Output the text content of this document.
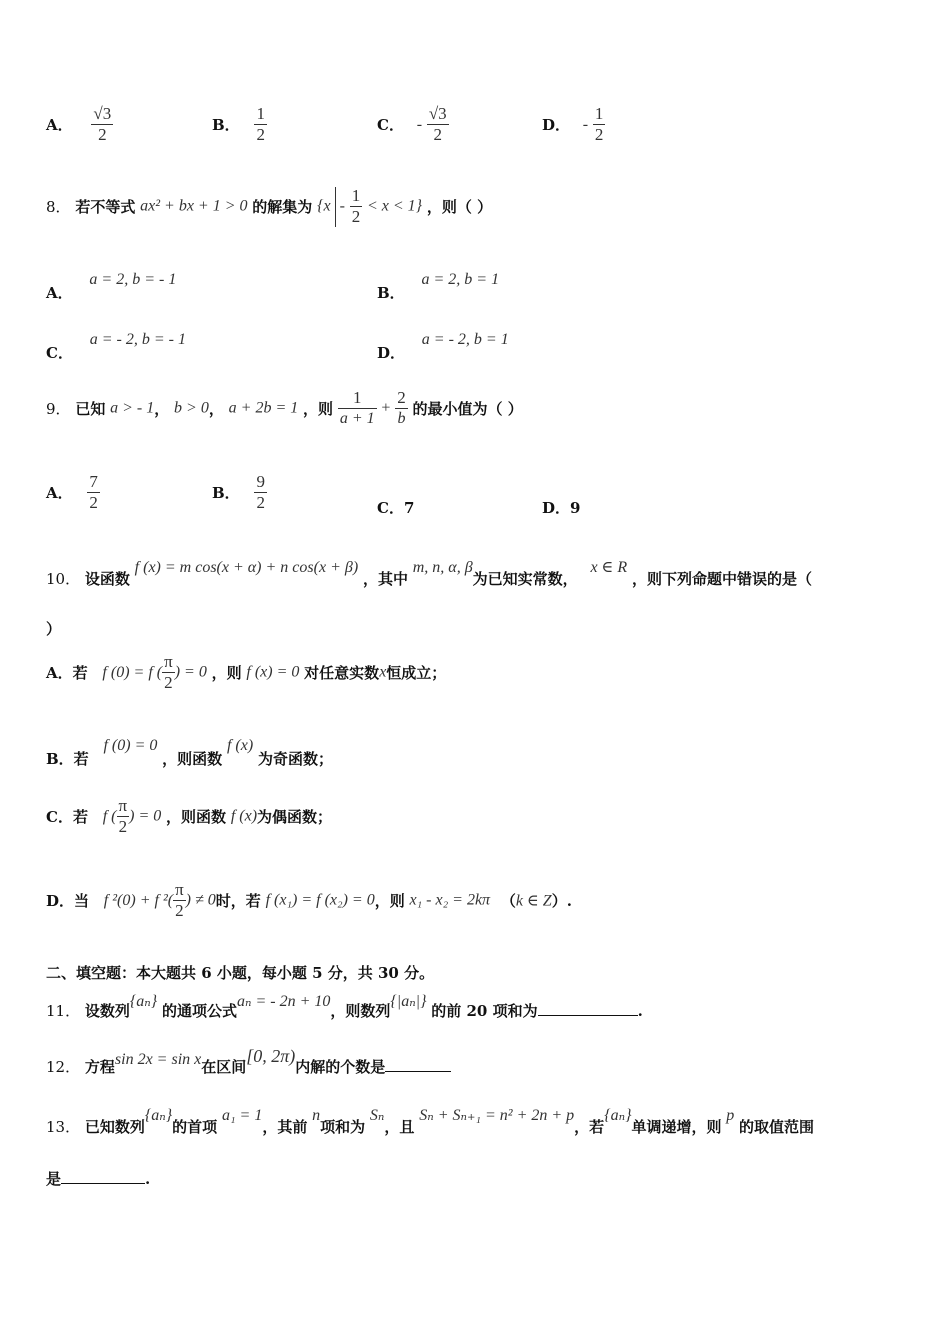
A． $\frac{√3}{2}$	B． $\frac{1}{2}$	C． - $\frac{√3}{2}$	D． - $\frac{1}{2}$
8． 若不等式 ax² + bx + 1 > 0 的解集为 $\{x - \frac{1}{2} < x < 1\}$ ，则（ ）
A． a = 2, b = - 1
B． a = 2, b = 1
C． a = - 2, b = - 1
D． a = - 2, b = 1
9． 已知 a > - 1， b > 0， a + 2b = 1 ，则 $\frac{1}{a + 1} + \frac{2}{b}$ 的最小值为（ ）
A． $\frac{7}{2}$	B． $\frac{9}{2}$	C．7	D．9
10． 设函数 f (x) = m cos(x + α) + n cos(x + β) ，其中 m, n, α, β为已知实常数， x ∈ R ，则下列命题中错误的是（
）
A．若 f (0) = f ( $\frac{\pi}{2}$ ) = 0 ，则 f (x) = 0 对任意实数x恒成立；
B．若 f (0) = 0 ，则函数 f (x) 为奇函数；
C．若 f ( $\frac{\pi}{2}$ ) = 0 ，则函数 f (x)为偶函数；
D．当 f ²(0) + f $^2( \frac{\pi}{2}$ ) ≠ 0时，若 f (x₁) = f (x₂) = 0，则 x₁ - x₂ = 2kπ （k ∈ Z）.
二、填空题：本大题共 6 小题，每小题 5 分，共 30 分。
11． 设数列{aₙ} 的通项公式aₙ = - 2n + 10，则数列{|aₙ|} 的前 20 项和为	.
12． 方程sin 2x = sin x在区间[0, 2π)内解的个数是
13． 已知数列{aₙ}的首项 a₁ = 1，其前 n项和为 Sₙ，且 Sₙ + Sₙ₊₁ = n² + 2n + p，若{aₙ}单调递增，则 p 的取值范围
是	.
